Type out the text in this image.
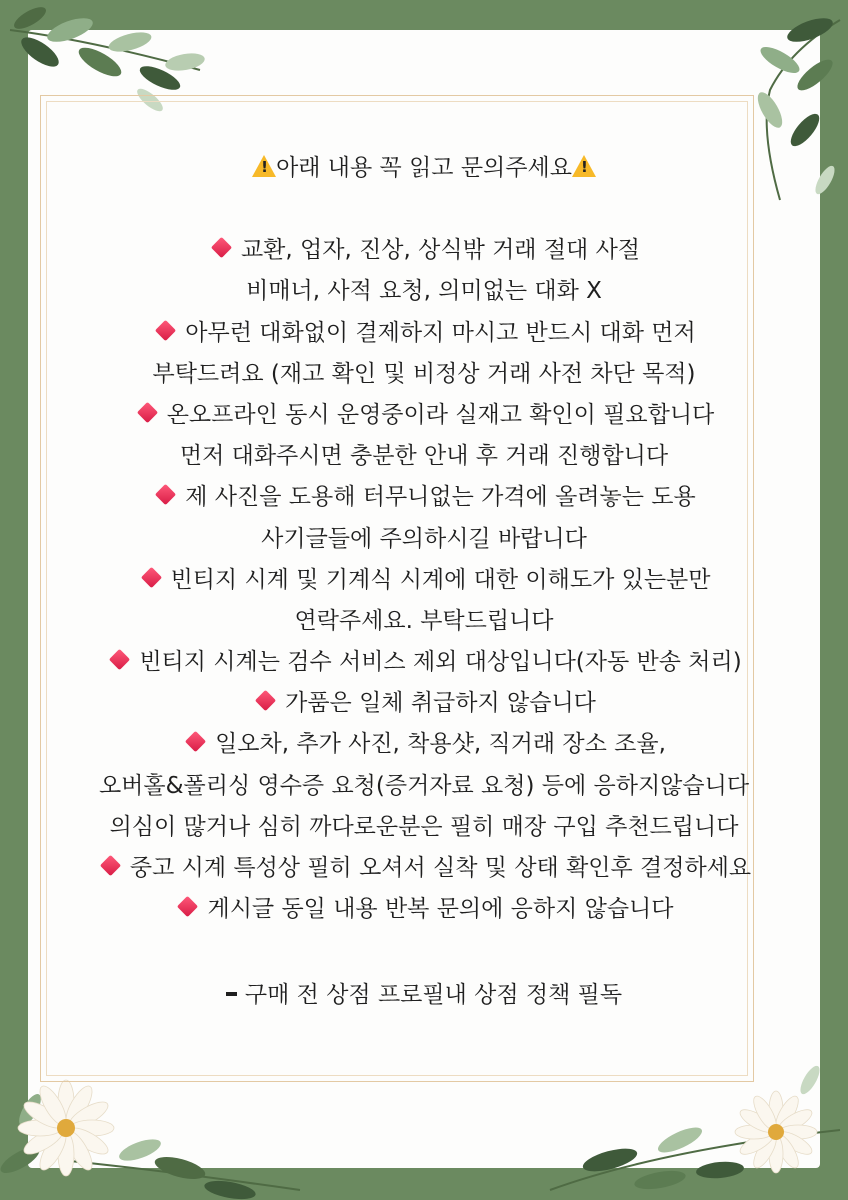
!아래 내용 꼭 읽고 문의주세요!
교환, 업자, 진상, 상식밖 거래 절대 사절
비매너, 사적 요청, 의미없는 대화 X
아무런 대화없이 결제하지 마시고 반드시 대화 먼저
부탁드려요 (재고 확인 및 비정상 거래 사전 차단 목적)
온오프라인 동시 운영중이라 실재고 확인이 필요합니다
먼저 대화주시면 충분한 안내 후 거래 진행합니다
제 사진을 도용해 터무니없는 가격에 올려놓는 도용
사기글들에 주의하시길 바랍니다
빈티지 시계 및 기계식 시계에 대한 이해도가 있는분만
연락주세요. 부탁드립니다
빈티지 시계는 검수 서비스 제외 대상입니다(자동 반송 처리)
가품은 일체 취급하지 않습니다
일오차, 추가 사진, 착용샷, 직거래 장소 조율,
오버홀&폴리싱 영수증 요청(증거자료 요청) 등에 응하지않습니다
의심이 많거나 심히 까다로운분은 필히 매장 구입 추천드립니다
중고 시계 특성상 필히 오셔서 실착 및 상태 확인후 결정하세요
게시글 동일 내용 반복 문의에 응하지 않습니다
구매 전 상점 프로필내 상점 정책 필독
